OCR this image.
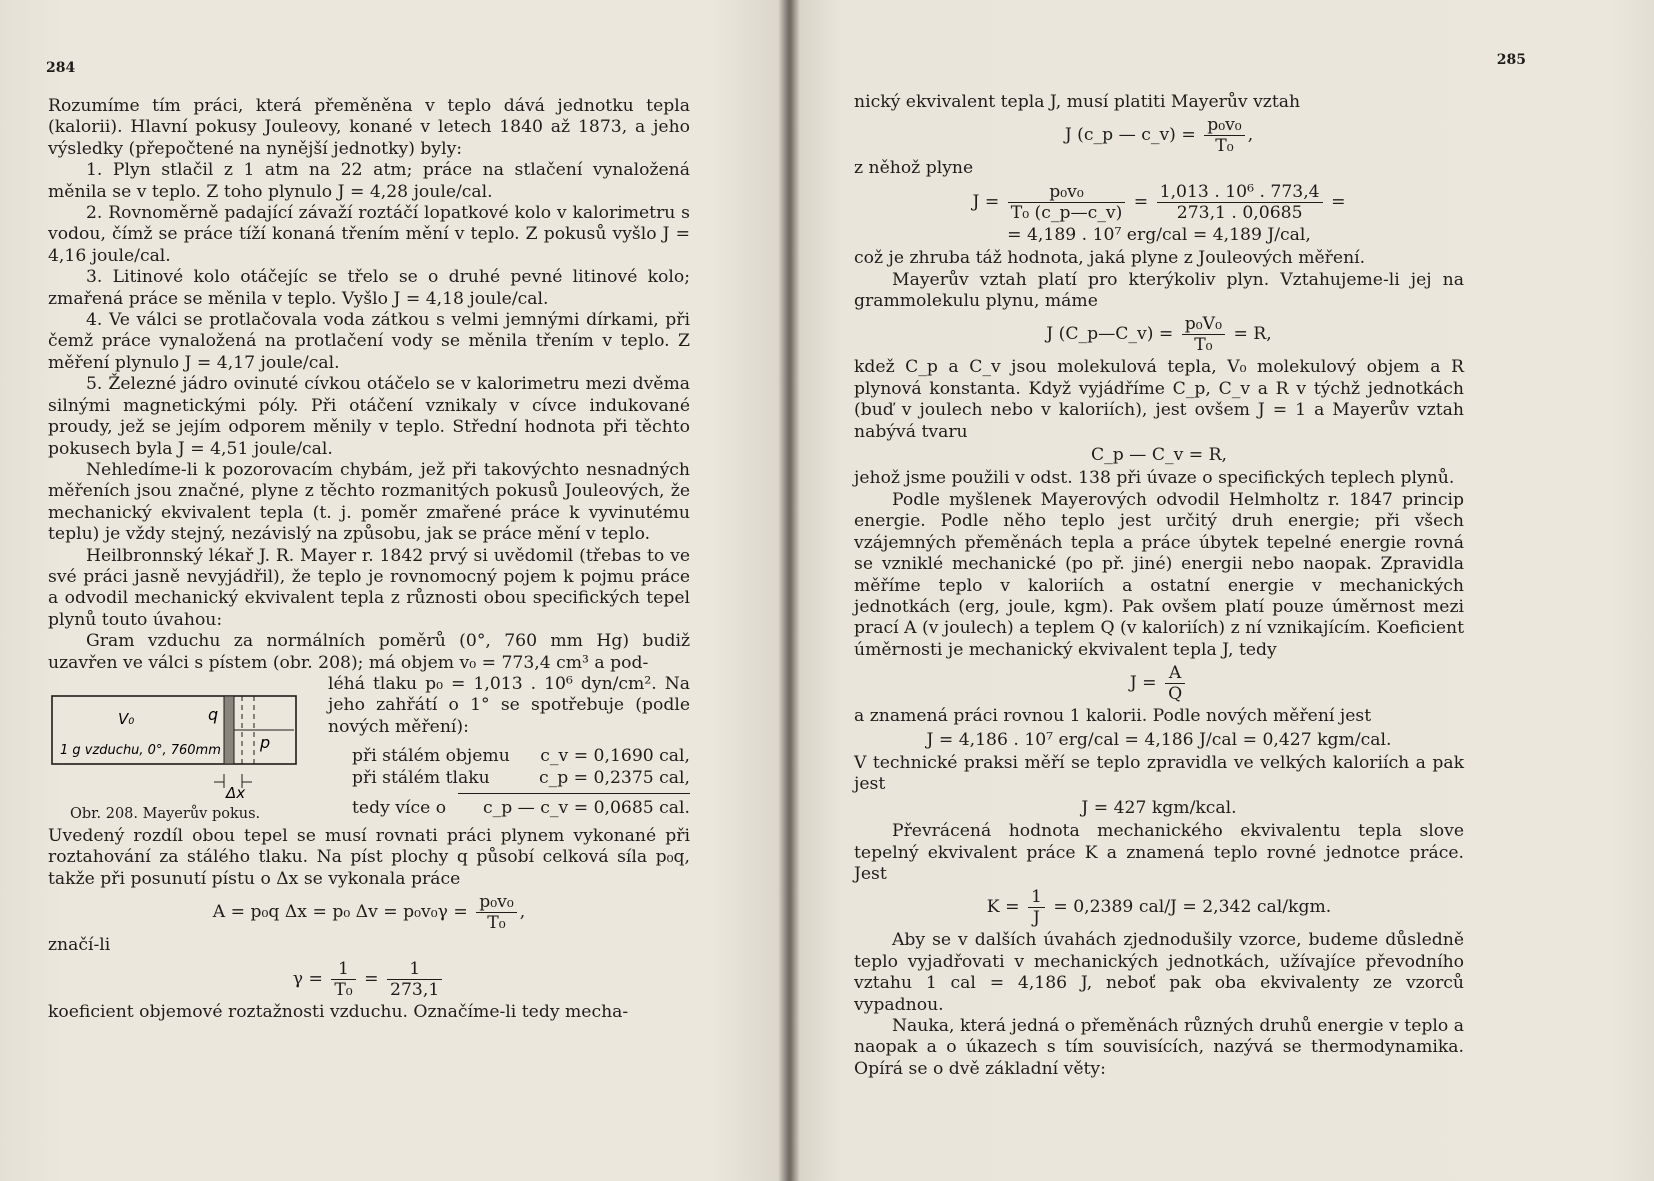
284

Rozumíme tím práci, která přeměněna v teplo dává jednotku tepla (kalorii). Hlavní pokusy Jouleovy, konané v letech 1840 až 1873, a jeho výsledky (přepočtené na nynější jednotky) byly:

1. Plyn stlačil z 1 atm na 22 atm; práce na stlačení vynaložená měnila se v teplo. Z toho plynulo J = 4,28 joule/cal.

2. Rovnoměrně padající závaží roztáčí lopatkové kolo v kalorimetru s vodou, čímž se práce tíží konaná třením mění v teplo. Z pokusů vyšlo J = 4,16 joule/cal.

3. Litinové kolo otáčejíc se třelo se o druhé pevné litinové kolo; zmařená práce se měnila v teplo. Vyšlo J = 4,18 joule/cal.

4. Ve válci se protlačovala voda zátkou s velmi jemnými dírkami, při čemž práce vynaložená na protlačení vody se měnila třením v teplo. Z měření plynulo J = 4,17 joule/cal.

5. Železné jádro ovinuté cívkou otáčelo se v kalorimetru mezi dvěma silnými magnetickými póly. Při otáčení vznikaly v cívce indukované proudy, jež se jejím odporem měnily v teplo. Střední hodnota při těchto pokusech byla J = 4,51 joule/cal.

Nehledíme-li k pozorovacím chybám, jež při takovýchto nesnadných měřeních jsou značné, plyne z těchto rozmanitých pokusů Jouleových, že mechanický ekvivalent tepla (t. j. poměr zmařené práce k vyvinutému teplu) je vždy stejný, nezávislý na způsobu, jak se práce mění v teplo.

Heilbronnský lékař J. R. Mayer r. 1842 prvý si uvědomil (třebas to ve své práci jasně nevyjádřil), že teplo je rovnomocný pojem k pojmu práce a odvodil mechanický ekvivalent tepla z různosti obou specifických tepel plynů touto úvahou:

Gram vzduchu za normálních poměrů (0°, 760 mm Hg) budiž uzavřen ve válci s pístem (obr. 208); má objem v₀ = 773,4 cm³ a pod-

V₀	q
p
1 g vzduchu, 0°, 760mm
Δx
Obr. 208. Mayerův pokus.

léhá tlaku p₀ = 1,013 . 10⁶ dyn/cm². Na jeho zahřátí o 1° se spotřebuje (podle nových měření):

při stálém objemu c_v = 0,1690 cal,
při stálém tlaku	c_p = 0,2375 cal,
tedy více o c_p — c_v = 0,0685 cal.

Uvedený rozdíl obou tepel se musí rovnati práci plynem vykonané při roztahování za stálého tlaku. Na píst plochy q působí celková síla p₀q, takže při posunutí pístu o Δx se vykonala práce

A = p₀q Δx = p₀ $\Delta v = p_0v_0\gamma = \frac{\text{p₀v₀}}{\text{T₀}}$ ,

značí-li

$\gamma = \frac{1}{\text{T₀}} = \frac{1}{273,1}$

koeficient objemové roztažnosti vzduchu. Označíme-li tedy mecha-

285

nický ekvivalent tepla J, musí platiti Mayerův vztah

J (c_p — c_v) = $\frac{\text{p₀v₀}}{\text{T₀}}$ ,

z něhož plyne

$J = \frac{\text{p₀v₀}}{\text{T₀ (c\_p—c\_v)}} = \frac{\text{1,013 . 10⁶ . 773,4}}{273,1 . 0,0685}$ =
= 4,189 . 10⁷ erg/cal = 4,189 J/cal,

což je zhruba táž hodnota, jaká plyne z Jouleových měření.

Mayerův vztah platí pro kterýkoliv plyn. Vztahujeme-li jej na grammolekulu plynu, máme

J (C_p—C_v) = $\frac{\text{p₀V₀}}{\text{T₀}} = R$,

kdež C_p a C_v jsou molekulová tepla, V₀ molekulový objem a R plynová konstanta. Když vyjádříme C_p, C_v a R v týchž jednotkách (buď v joulech nebo v kaloriích), jest ovšem J = 1 a Mayerův vztah nabývá tvaru

C_p — C_v = R,

jehož jsme použili v odst. 138 při úvaze o specifických teplech plynů.

Podle myšlenek Mayerových odvodil Helmholtz r. 1847 princip energie. Podle něho teplo jest určitý druh energie; při všech vzájemných přeměnách tepla a práce úbytek tepelné energie rovná se vzniklé mechanické (po př. jiné) energii nebo naopak. Zpravidla měříme teplo v kaloriích a ostatní energie v mechanických jednotkách (erg, joule, kgm). Pak ovšem platí pouze úměrnost mezi prací A (v joulech) a teplem Q (v kaloriích) z ní vznikajícím. Koeficient úměrnosti je mechanický ekvivalent tepla J, tedy

$J = \frac{A}{Q}$

a znamená práci rovnou 1 kalorii. Podle nových měření jest

J = 4,186 . 10⁷ erg/cal = 4,186 J/cal = 0,427 kgm/cal.

V technické praksi měří se teplo zpravidla ve velkých kaloriích a pak jest

J = 427 kgm/kcal.

Převrácená hodnota mechanického ekvivalentu tepla slove tepelný ekvivalent práce K a znamená teplo rovné jednotce práce. Jest

$K = \frac{1}{J} = 0,2389$ cal/J = 2,342 cal/kgm.

Aby se v dalších úvahách zjednodušily vzorce, budeme důsledně teplo vyjadřovati v mechanických jednotkách, užívajíce převodního vztahu 1 cal = 4,186 J, neboť pak oba ekvivalenty ze vzorců vypadnou.

Nauka, která jedná o přeměnách různých druhů energie v teplo a naopak a o úkazech s tím souvisících, nazývá se thermodynamika. Opírá se o dvě základní věty:
